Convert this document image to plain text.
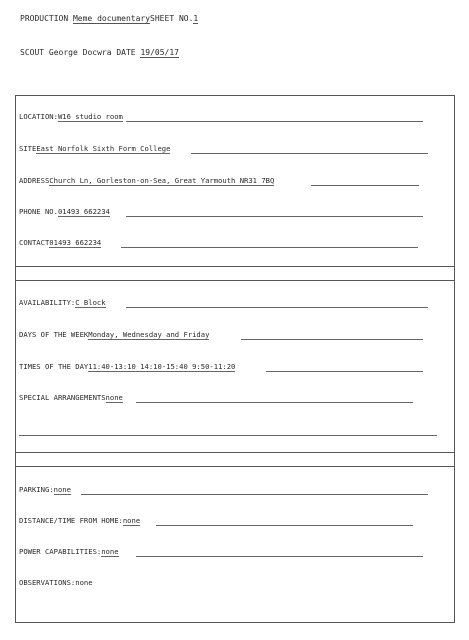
PRODUCTION Meme documentarySHEET NO.1
SCOUT George Docwra DATE 19/05/17
LOCATION:W16 studio room
SITEEast Norfolk Sixth Form College
ADDRESSChurch Ln, Gorleston-on-Sea, Great Yarmouth NR31 7BQ
PHONE NO.01493 662234
CONTACT01493 662234
AVAILABILITY:C Block
DAYS OF THE WEEKMonday, Wednesday and Friday
TIMES OF THE DAY11:40-13:10 14:10-15:40 9:50-11:20
SPECIAL ARRANGEMENTSnone
PARKING:none
DISTANCE/TIME FROM HOME:none
POWER CAPABILITIES:none
OBSERVATIONS:none
